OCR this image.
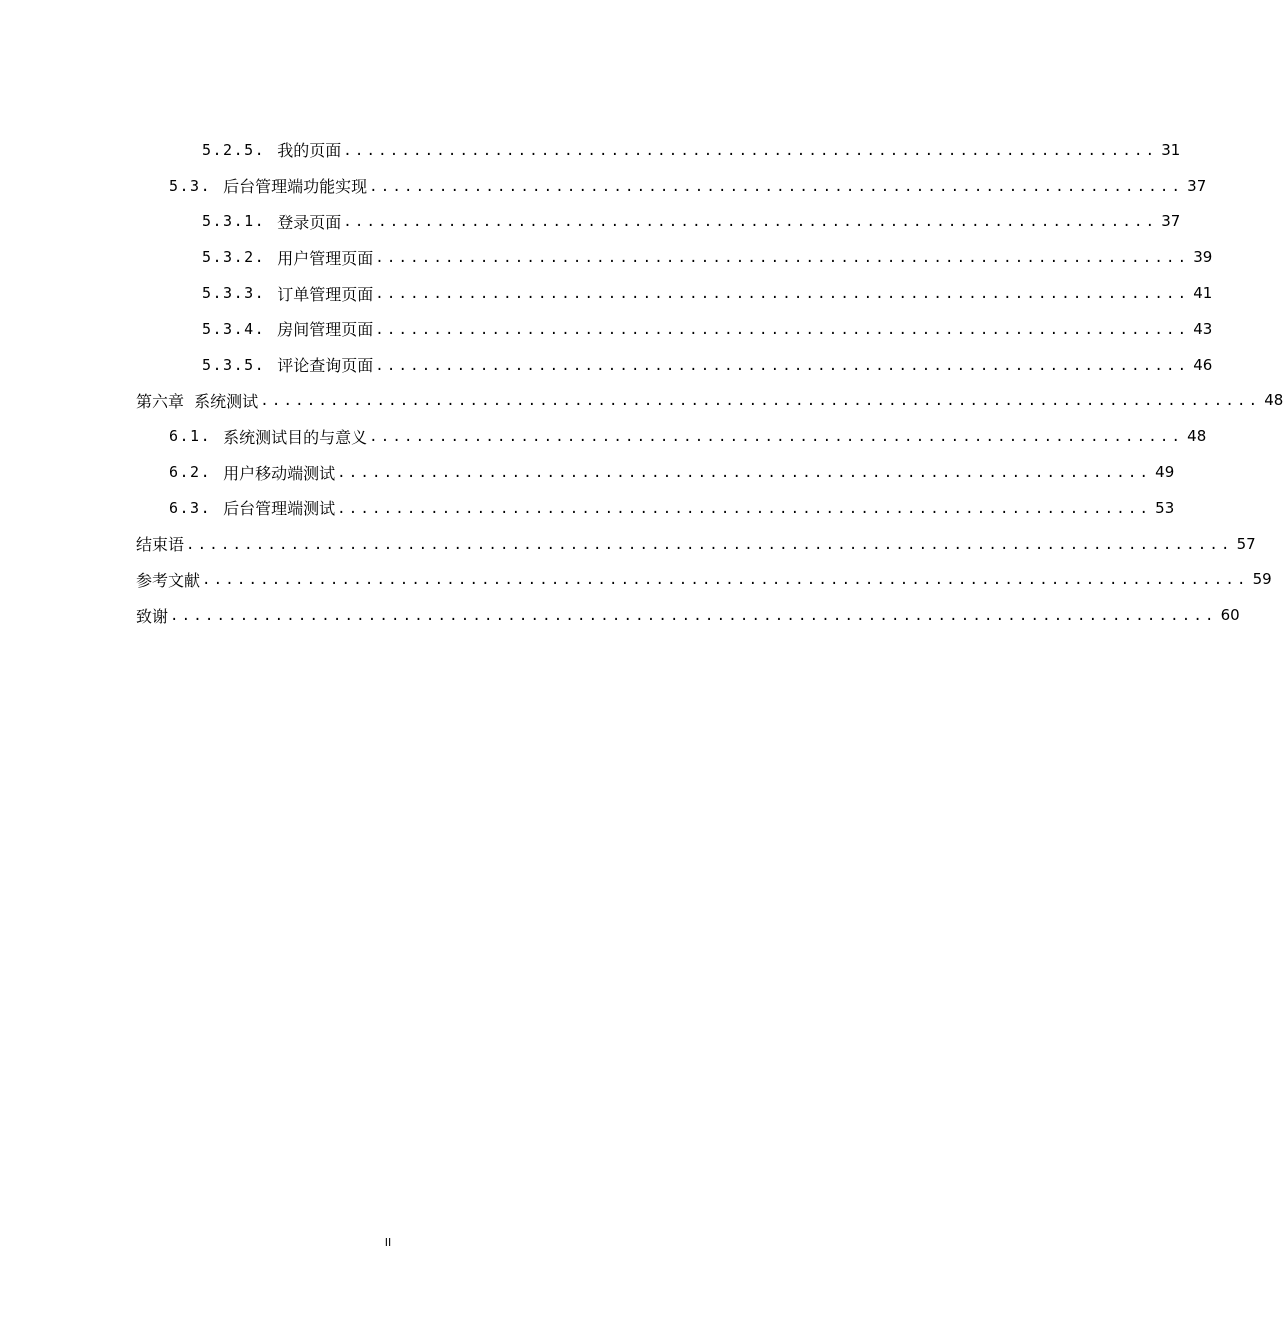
5.2.5. 我的页面 ...................................................................... 31
5.3. 后台管理端功能实现 ...................................................................... 37
5.3.1. 登录页面 ...................................................................... 37
5.3.2. 用户管理页面 ...................................................................... 39
5.3.3. 订单管理页面 ...................................................................... 41
5.3.4. 房间管理页面 ...................................................................... 43
5.3.5. 评论查询页面 ...................................................................... 46
第六章  系统测试 ...................................................................................... 48
6.1. 系统测试目的与意义 ...................................................................... 48
6.2. 用户移动端测试 ...................................................................... 49
6.3. 后台管理端测试 ...................................................................... 53
结束语 .......................................................................................... 57
参考文献 .......................................................................................... 59
致谢 .......................................................................................... 60
II
